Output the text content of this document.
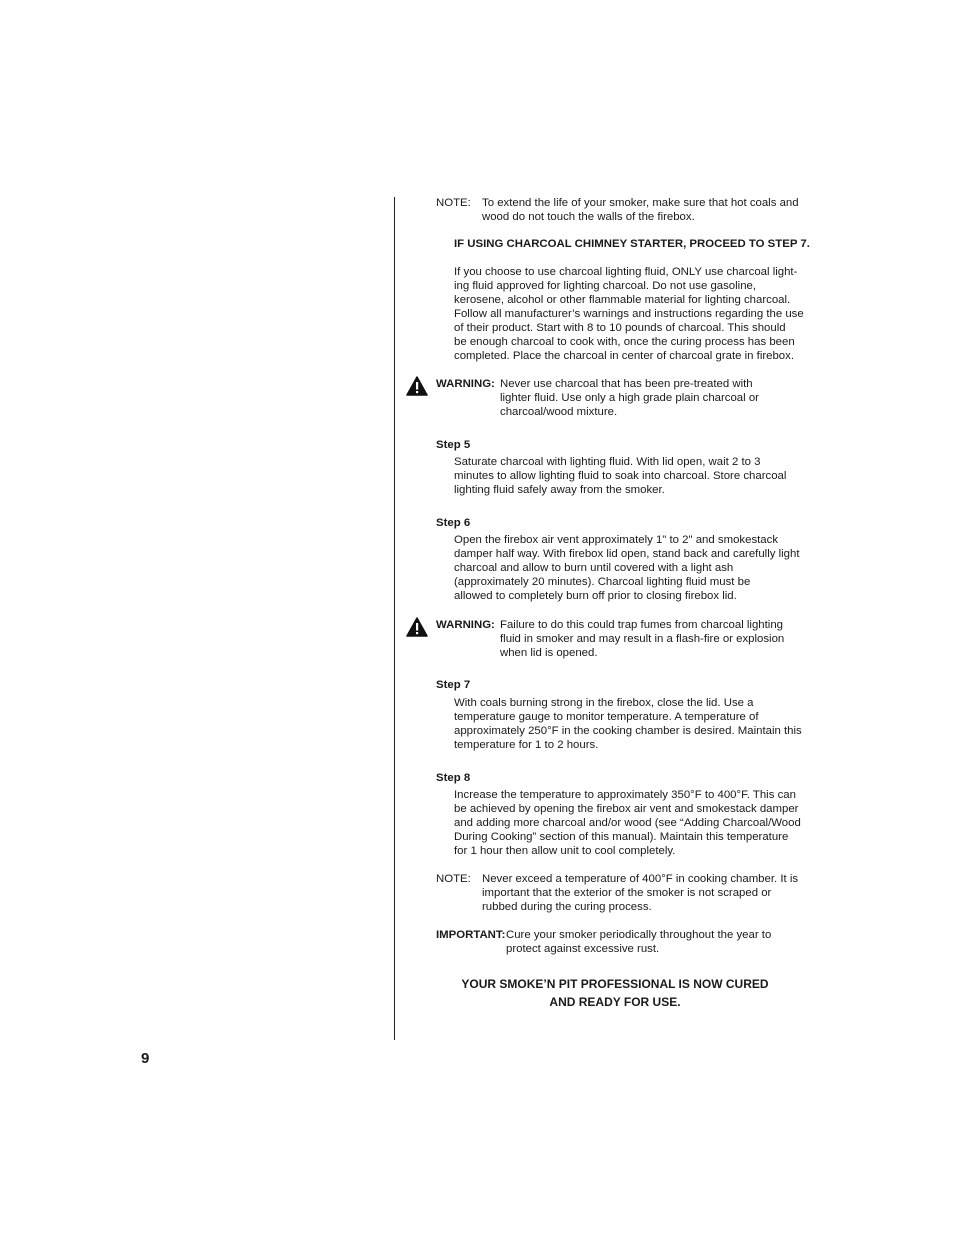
NOTE: To extend the life of your smoker, make sure that hot coals and
wood do not touch the walls of the firebox.
IF USING CHARCOAL CHIMNEY STARTER, PROCEED TO STEP 7.
If you choose to use charcoal lighting fluid, ONLY use charcoal light-
ing fluid approved for lighting charcoal. Do not use gasoline,
kerosene, alcohol or other flammable material for lighting charcoal.
Follow all manufacturer’s warnings and instructions regarding the use
of their product. Start with 8 to 10 pounds of charcoal. This should
be enough charcoal to cook with, once the curing process has been
completed. Place the charcoal in center of charcoal grate in firebox.
WARNING: Never use charcoal that has been pre-treated with
lighter fluid. Use only a high grade plain charcoal or
charcoal/wood mixture.
Step 5
Saturate charcoal with lighting fluid. With lid open, wait 2 to 3
minutes to allow lighting fluid to soak into charcoal. Store charcoal
lighting fluid safely away from the smoker.
Step 6
Open the firebox air vent approximately 1" to 2" and smokestack
damper half way. With firebox lid open, stand back and carefully light
charcoal and allow to burn until covered with a light ash
(approximately 20 minutes). Charcoal lighting fluid must be
allowed to completely burn off prior to closing firebox lid.
WARNING: Failure to do this could trap fumes from charcoal lighting
fluid in smoker and may result in a flash-fire or explosion
when lid is opened.
Step 7
With coals burning strong in the firebox, close the lid. Use a
temperature gauge to monitor temperature. A temperature of
approximately 250°F in the cooking chamber is desired. Maintain this
temperature for 1 to 2 hours.
Step 8
Increase the temperature to approximately 350°F to 400°F. This can
be achieved by opening the firebox air vent and smokestack damper
and adding more charcoal and/or wood (see “Adding Charcoal/Wood
During Cooking” section of this manual). Maintain this temperature
for 1 hour then allow unit to cool completely.
NOTE: Never exceed a temperature of 400°F in cooking chamber. It is
important that the exterior of the smoker is not scraped or
rubbed during the curing process.
IMPORTANT: Cure your smoker periodically throughout the year to
protect against excessive rust.
YOUR SMOKE’N PIT PROFESSIONAL IS NOW CURED
AND READY FOR USE.
9
